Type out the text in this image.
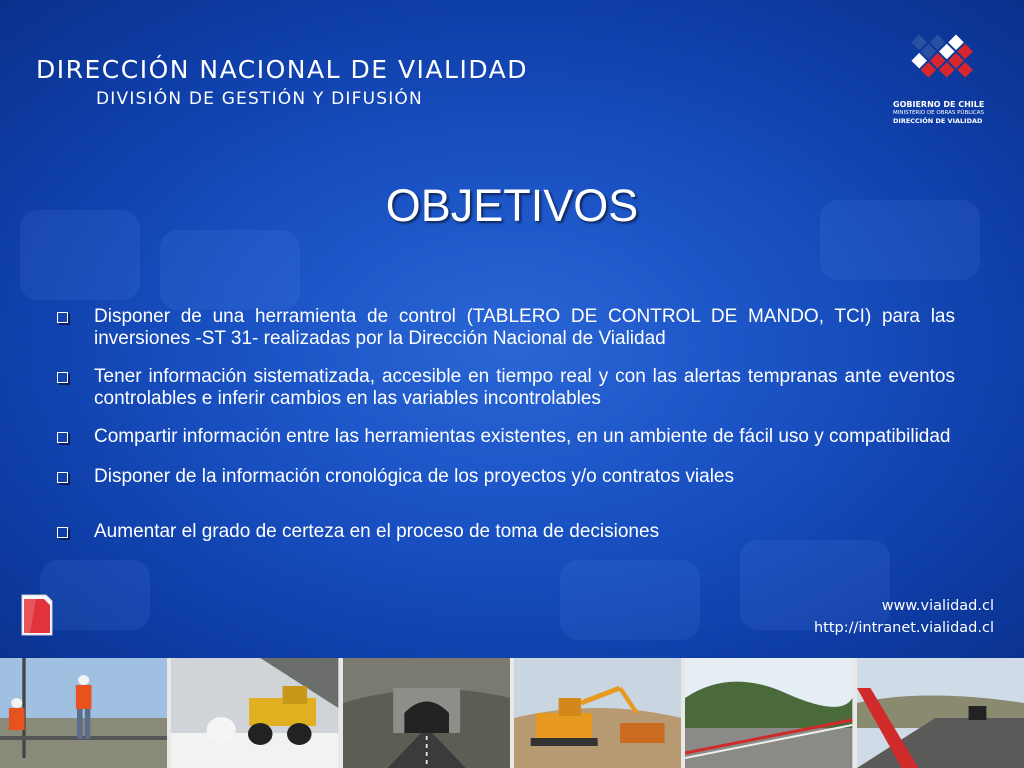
DIRECCIÓN NACIONAL DE VIALIDAD
DIVISIÓN DE GESTIÓN Y DIFUSIÓN	GOBIERNO DE CHILE
MINISTERIO DE OBRAS PÚBLICAS
DIRECCIÓN DE VIALIDAD
OBJETIVOS
Disponer de una herramienta de control (TABLERO DE CONTROL DE MANDO, TCI) para las inversiones -ST 31- realizadas por la Dirección Nacional de Vialidad
Tener información sistematizada, accesible en tiempo real y con las alertas tempranas ante eventos controlables e inferir cambios en las variables incontrolables
Compartir información entre las herramientas existentes, en un ambiente de fácil uso y compatibilidad
Disponer de la información cronológica de los proyectos y/o contratos viales
Aumentar el grado de certeza en el proceso de toma de decisiones
www.vialidad.cl
http://intranet.vialidad.cl
